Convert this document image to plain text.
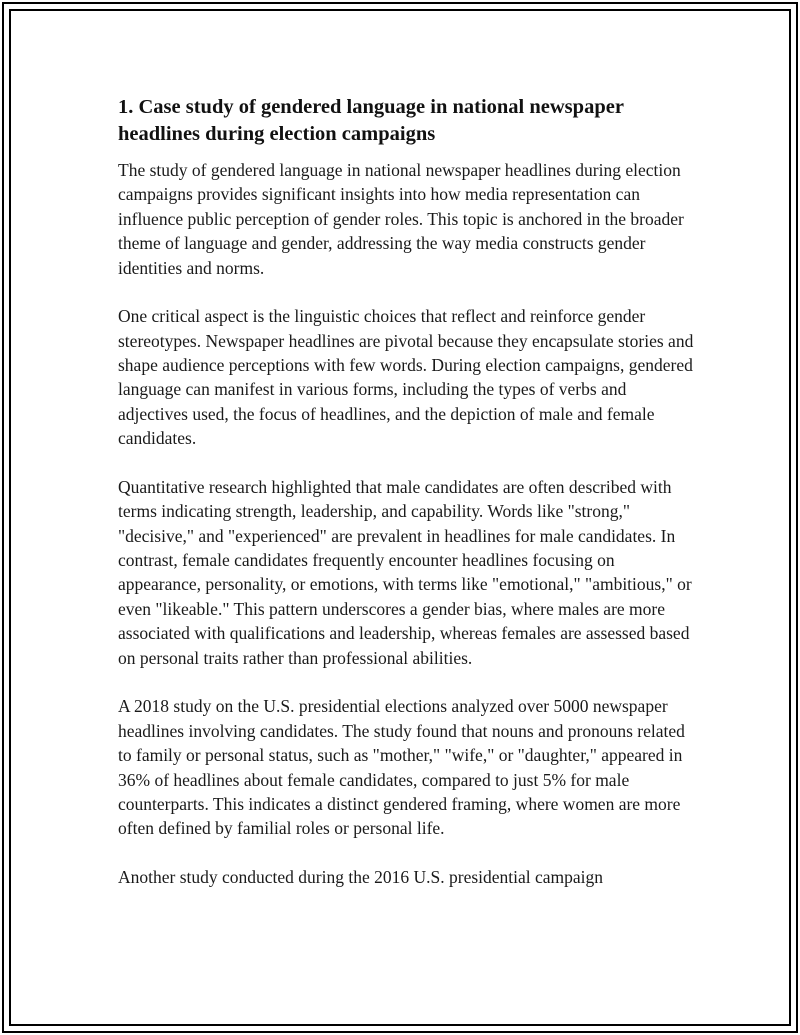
1. Case study of gendered language in national newspaper headlines during election campaigns

The study of gendered language in national newspaper headlines during election campaigns provides significant insights into how media representation can influence public perception of gender roles. This topic is anchored in the broader theme of language and gender, addressing the way media constructs gender identities and norms.

One critical aspect is the linguistic choices that reflect and reinforce gender stereotypes. Newspaper headlines are pivotal because they encapsulate stories and shape audience perceptions with few words. During election campaigns, gendered language can manifest in various forms, including the types of verbs and adjectives used, the focus of headlines, and the depiction of male and female candidates.

Quantitative research highlighted that male candidates are often described with terms indicating strength, leadership, and capability. Words like "strong," "decisive," and "experienced" are prevalent in headlines for male candidates. In contrast, female candidates frequently encounter headlines focusing on appearance, personality, or emotions, with terms like "emotional," "ambitious," or even "likeable." This pattern underscores a gender bias, where males are more associated with qualifications and leadership, whereas females are assessed based on personal traits rather than professional abilities.

A 2018 study on the U.S. presidential elections analyzed over 5000 newspaper headlines involving candidates. The study found that nouns and pronouns related to family or personal status, such as "mother," "wife," or "daughter," appeared in 36% of headlines about female candidates, compared to just 5% for male counterparts. This indicates a distinct gendered framing, where women are more often defined by familial roles or personal life.

Another study conducted during the 2016 U.S. presidential campaign
